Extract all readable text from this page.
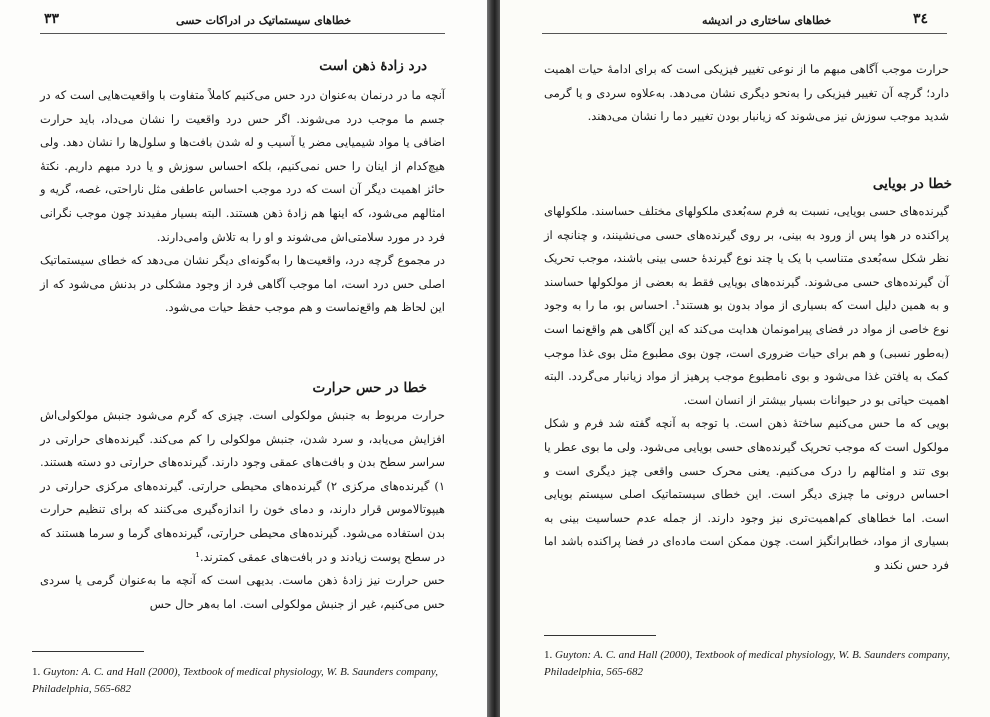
خطاهای سیستماتیک در ادراکات حسی
۳۳
درد زادهٔ ذهن است

آنچه ما در درنمان به‌عنوان درد حس می‌کنیم کاملاً متفاوت با واقعیت‌هایی است که در جسم ما موجب درد می‌شوند. اگر حس درد واقعیت را نشان می‌داد، باید حرارت اضافی یا مواد شیمیایی مضر یا آسیب و له شدن بافت‌ها و سلول‌ها را نشان دهد. ولی هیچ‌کدام از اینان را حس نمی‌کنیم، بلکه احساس سوزش و یا درد مبهم داریم. نکتهٔ حائز اهمیت دیگر آن است که درد موجب احساس عاطفی مثل ناراحتی، غصه، گریه و امثالهم می‌شود، که اینها هم زادهٔ ذهن هستند. البته بسیار مفیدند چون موجب نگرانی فرد در مورد سلامتی‌اش می‌شوند و او را به تلاش وامی‌دارند.

در مجموع گرچه درد، واقعیت‌ها را به‌گونه‌ای دیگر نشان می‌دهد که خطای سیستماتیک اصلی حس درد است، اما موجب آگاهی فرد از وجود مشکلی در بدنش می‌شود که از این لحاظ هم واقع‌نماست و هم موجب حفظ حیات می‌شود.

خطا در حس حرارت

حرارت مربوط به جنبش مولکولی است. چیزی که گرم می‌شود جنبش مولکولی‌اش افزایش می‌یابد، و سرد شدن، جنبش مولکولی را کم می‌کند. گیرنده‌های حرارتی در سراسر سطح بدن و بافت‌های عمقی وجود دارند. گیرنده‌های حرارتی دو دسته هستند. ۱) گیرنده‌های مرکزی ۲) گیرنده‌های محیطی حرارتی. گیرنده‌های مرکزی حرارتی در هیپوتالاموس قرار دارند، و دمای خون را اندازه‌گیری می‌کنند که برای تنظیم حرارت بدن استفاده می‌شود. گیرنده‌های محیطی حرارتی، گیرنده‌های گرما و سرما هستند که در سطح پوست زیادند و در بافت‌های عمقی کمترند.¹

حس حرارت نیز زادهٔ ذهن ماست. بدیهی است که آنچه ما به‌عنوان گرمی یا سردی حس می‌کنیم، غیر از جنبش مولکولی است. اما به‌هر حال حس

1. Guyton: A. C. and Hall (2000), Textbook of medical physiology, W. B. Saunders company, Philadelphia, 565-682
خطاهای ساختاری در اندیشه	۳٤
حرارت موجب آگاهی مبهم ما از نوعی تغییر فیزیکی است که برای ادامهٔ حیات اهمیت دارد؛ گرچه آن تغییر فیزیکی را به‌نحو دیگری نشان می‌دهد. به‌علاوه سردی و یا گرمی شدید موجب سوزش نیز می‌شوند که زیانبار بودن تغییر دما را نشان می‌دهند.
خطا در بویایی

گیرنده‌های حسی بویایی، نسبت به فرم سه‌بُعدی ملکولهای مختلف حساسند. ملکولهای پراکنده در هوا پس از ورود به بینی، بر روی گیرنده‌های حسی می‌نشینند، و چنانچه از نظر شکل سه‌بُعدی متناسب با یک یا چند نوع گیرندهٔ حسی بینی باشند، موجب تحریک آن گیرنده‌های حسی می‌شوند. گیرنده‌های بویایی فقط به بعضی از مولکولها حساسند و به همین دلیل است که بسیاری از مواد بدون بو هستند¹. احساس بو، ما را به وجود نوع خاصی از مواد در فضای پیرامونمان هدایت می‌کند که این آگاهی هم واقع‌نما است (به‌طور نسبی) و هم برای حیات ضروری است، چون بوی مطبوع مثل بوی غذا موجب کمک به یافتن غذا می‌شود و بوی نامطبوع موجب پرهیز از مواد زیانبار می‌گردد. البته اهمیت حیاتی بو در حیوانات بسیار بیشتر از انسان است.

بویی که ما حس می‌کنیم ساختهٔ ذهن است. با توجه به آنچه گفته شد فرم و شکل مولکول است که موجب تحریک گیرنده‌های حسی بویایی می‌شود. ولی ما بوی عطر یا بوی تند و امثالهم را درک می‌کنیم. یعنی محرک حسی واقعی چیز دیگری است و احساس درونی ما چیزی دیگر است. این خطای سیستماتیک اصلی سیستم بویایی است. اما خطاهای کم‌اهمیت‌تری نیز وجود دارند. از جمله عدم حساسیت بینی به بسیاری از مواد، خطابرانگیز است. چون ممکن است ماده‌ای در فضا پراکنده باشد اما فرد حس نکند و

1. Guyton: A. C. and Hall (2000), Textbook of medical physiology, W. B. Saunders company, Philadelphia, 565-682
